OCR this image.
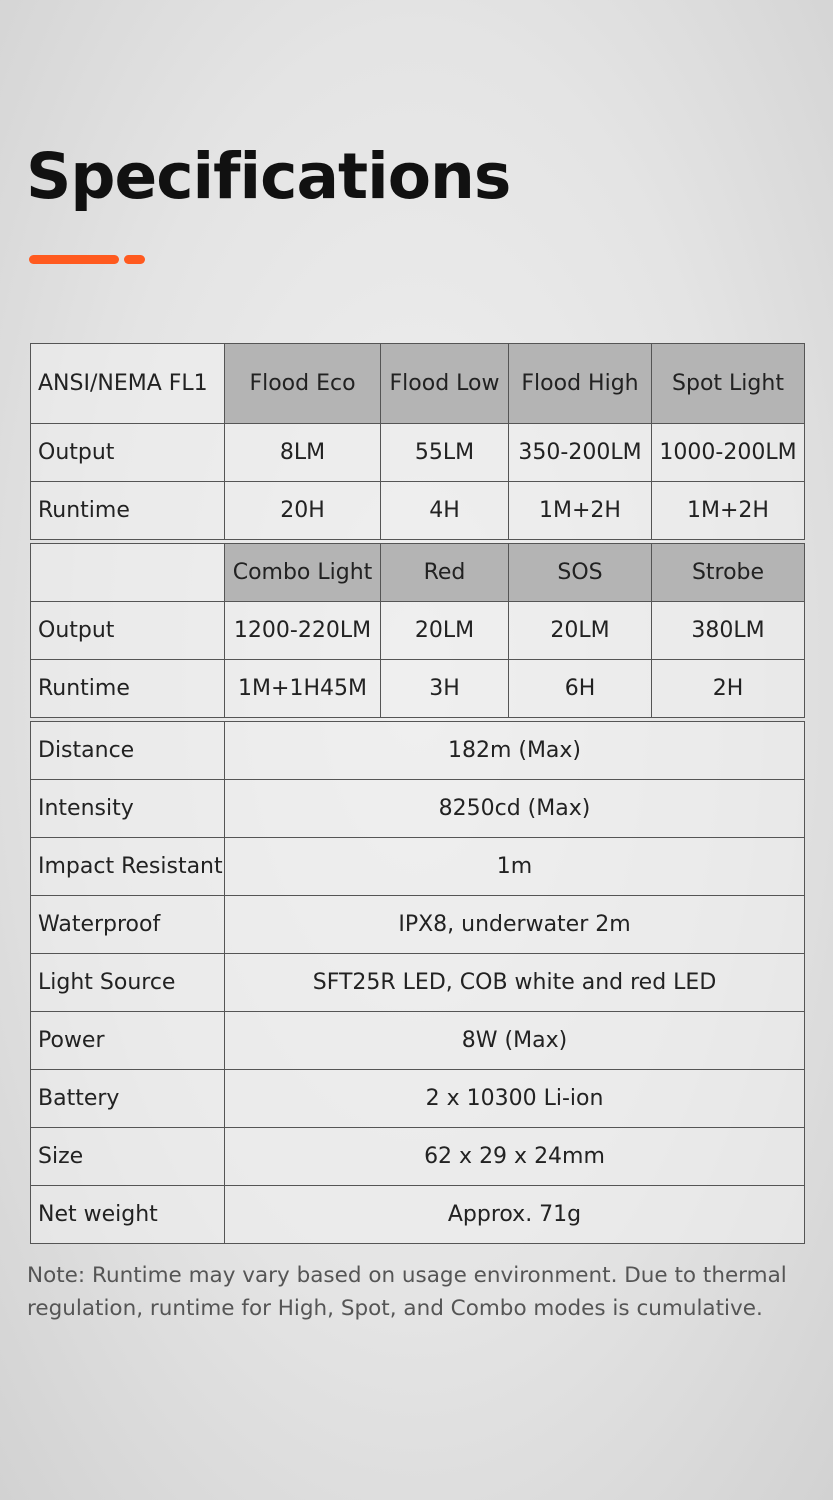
Specifications
ANSI/NEMA FL1	Flood Eco	Flood Low	Flood High	Spot Light
Output	8LM	55LM	350-200LM	1000-200LM
Runtime	20H	4H	1M+2H	1M+2H

	Combo Light	Red	SOS	Strobe
Output	1200-220LM	20LM	20LM	380LM
Runtime	1M+1H45M	3H	6H	2H

Distance	182m (Max)			
Intensity	8250cd (Max)			
Impact Resistant	1m			
Waterproof	IPX8, underwater 2m			
Light Source	SFT25R LED, COB white and red LED			
Power	8W (Max)			
Battery	2 x 10300 Li-ion			
Size	62 x 29 x 24mm			
Net weight	Approx. 71g			
Note: Runtime may vary based on usage environment. Due to thermal regulation, runtime for High, Spot, and Combo modes is cumulative.
